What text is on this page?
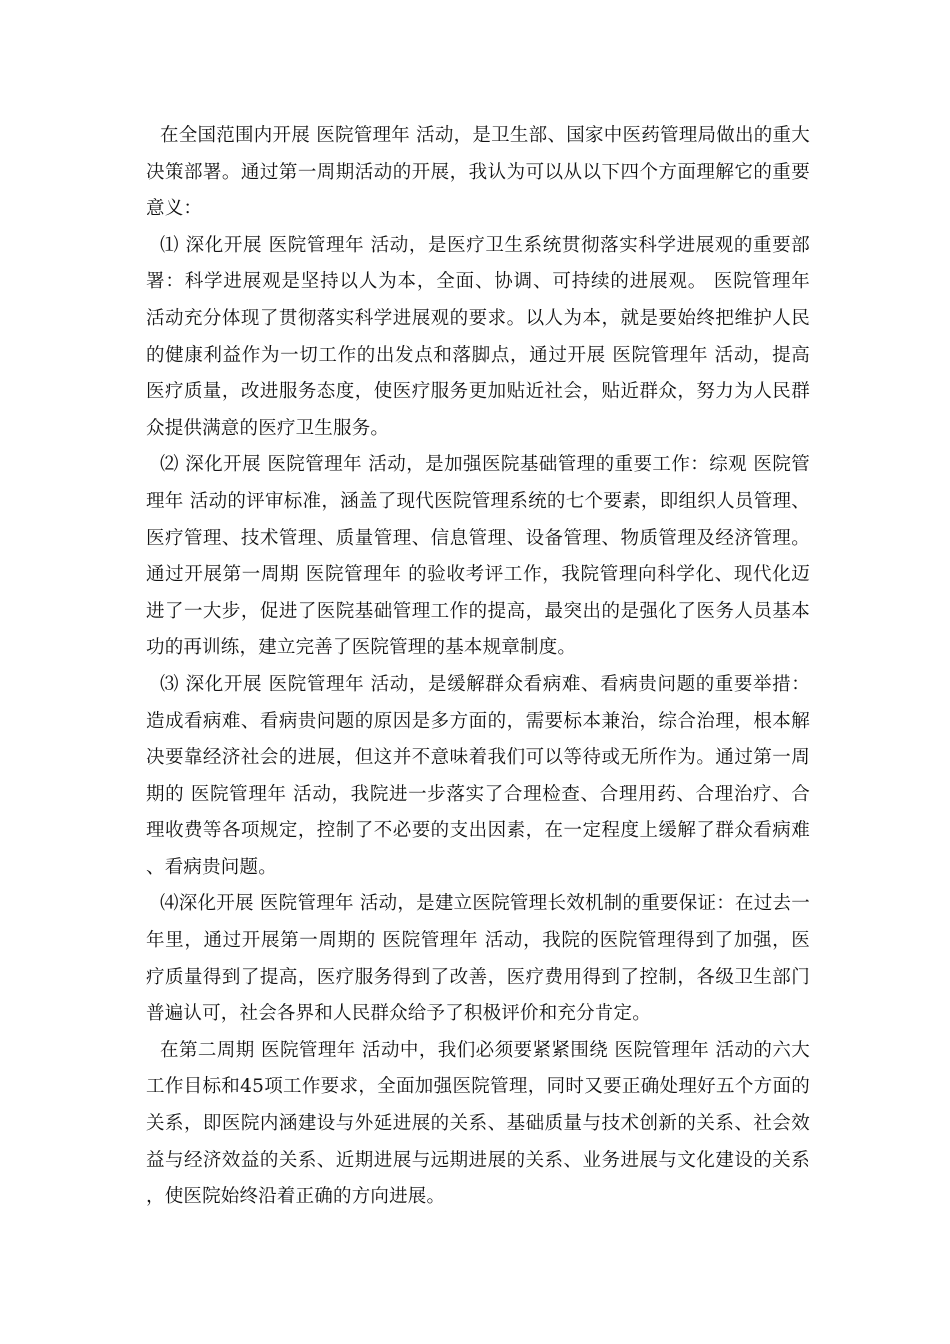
在全国范围内开展 医院管理年 活动，是卫生部、国家中医药管理局做出的重大决策部署。通过第一周期活动的开展，我认为可以从以下四个方面理解它的重要意义：

⑴ 深化开展 医院管理年 活动，是医疗卫生系统贯彻落实科学进展观的重要部署：科学进展观是坚持以人为本，全面、协调、可持续的进展观。 医院管理年 活动充分体现了贯彻落实科学进展观的要求。以人为本，就是要始终把维护人民的健康利益作为一切工作的出发点和落脚点，通过开展 医院管理年 活动，提高医疗质量，改进服务态度，使医疗服务更加贴近社会，贴近群众，努力为人民群众提供满意的医疗卫生服务。

⑵ 深化开展 医院管理年 活动，是加强医院基础管理的重要工作：综观 医院管理年 活动的评审标准，涵盖了现代医院管理系统的七个要素，即组织人员管理、医疗管理、技术管理、质量管理、信息管理、设备管理、物质管理及经济管理。通过开展第一周期 医院管理年 的验收考评工作，我院管理向科学化、现代化迈进了一大步，促进了医院基础管理工作的提高，最突出的是强化了医务人员基本功的再训练，建立完善了医院管理的基本规章制度。

⑶ 深化开展 医院管理年 活动，是缓解群众看病难、看病贵问题的重要举措：造成看病难、看病贵问题的原因是多方面的，需要标本兼治，综合治理，根本解决要靠经济社会的进展，但这并不意味着我们可以等待或无所作为。通过第一周期的 医院管理年 活动，我院进一步落实了合理检查、合理用药、合理治疗、合理收费等各项规定，控制了不必要的支出因素，在一定程度上缓解了群众看病难、看病贵问题。

⑷深化开展 医院管理年 活动，是建立医院管理长效机制的重要保证：在过去一年里，通过开展第一周期的 医院管理年 活动，我院的医院管理得到了加强，医疗质量得到了提高，医疗服务得到了改善，医疗费用得到了控制，各级卫生部门普遍认可，社会各界和人民群众给予了积极评价和充分肯定。

在第二周期 医院管理年 活动中，我们必须要紧紧围绕 医院管理年 活动的六大工作目标和45项工作要求，全面加强医院管理，同时又要正确处理好五个方面的关系，即医院内涵建设与外延进展的关系、基础质量与技术创新的关系、社会效益与经济效益的关系、近期进展与远期进展的关系、业务进展与文化建设的关系，使医院始终沿着正确的方向进展。
